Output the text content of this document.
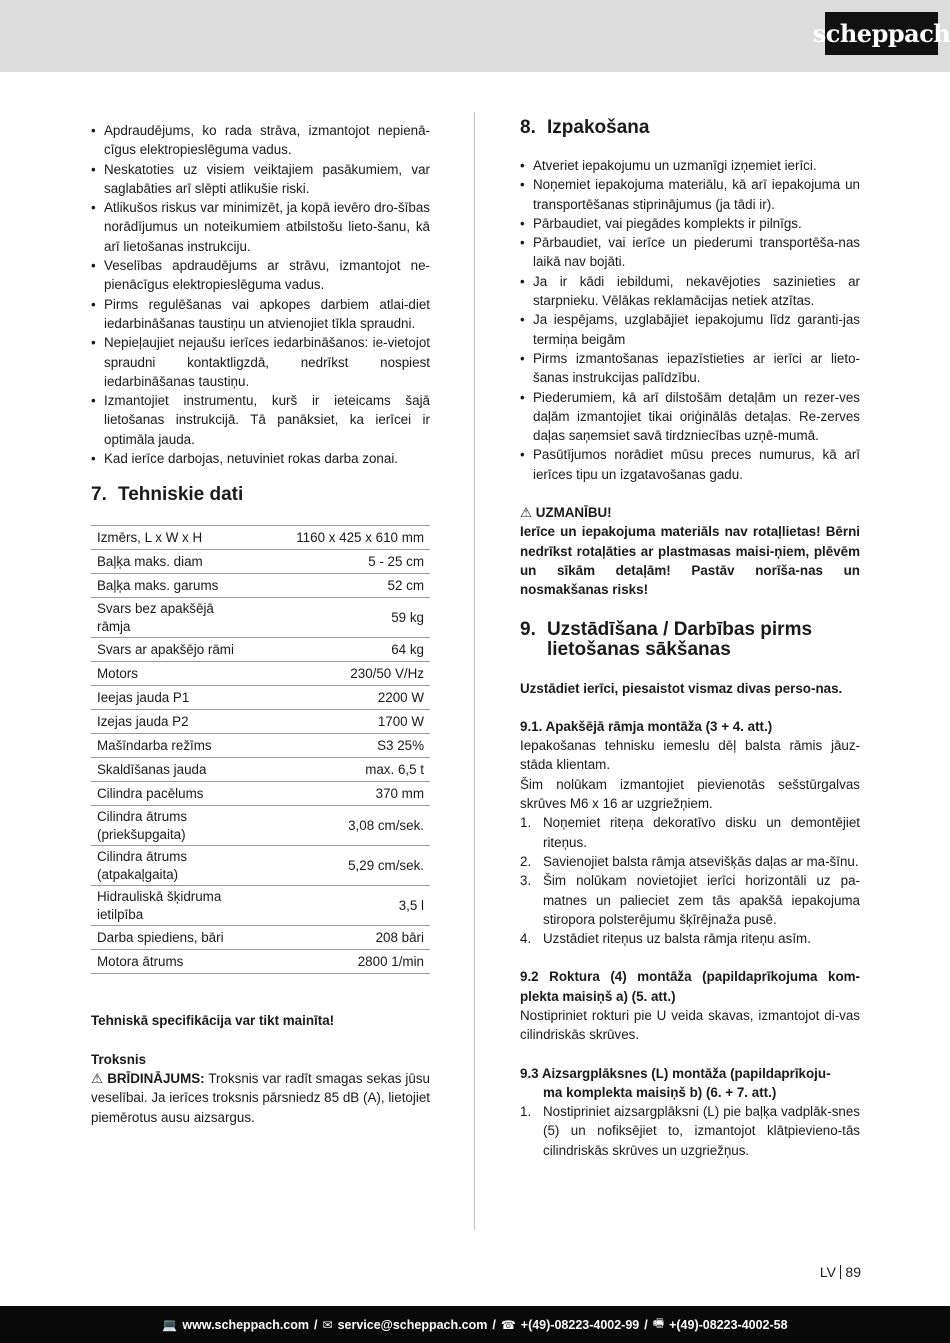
scheppach
• Apdraudējums, ko rada strāva, izmantojot nepienā-cīgus elektropieslēguma vadus.
• Neskatoties uz visiem veiktajiem pasākumiem, var saglabāties arī slēpti atlikušie riski.
• Atlikušos riskus var minimizēt, ja kopā ievēro dro-šības norādījumus un noteikumiem atbilstošu lieto-šanu, kā arī lietošanas instrukciju.
• Veselības apdraudējums ar strāvu, izmantojot ne-pienācīgus elektropieslēguma vadus.
• Pirms regulēšanas vai apkopes darbiem atlai-diet iedarbināšanas taustiņu un atvienojiet tīkla spraudni.
• Nepieļaujiet nejaušu ierīces iedarbināšanos: ie-vietojot spraudni kontaktligzdā, nedrīkst nospiest iedarbināšanas taustiņu.
• Izmantojiet instrumentu, kurš ir ieteicams šajā lietošanas instrukcijā. Tā panāksiet, ka ierīcei ir optimāla jauda.
• Kad ierīce darbojas, netuviniet rokas darba zonai.
7. Tehniskie dati
Izmērs, L x W x H	1160 x 425 x 610 mm
Baļķa maks. diam	5 - 25 cm
Baļķa maks. garums	52 cm
Svars bez apakšējā rāmja	59 kg
Svars ar apakšējo rāmi	64 kg
Motors	230/50 V/Hz
Ieejas jauda P1	2200 W
Izejas jauda P2	1700 W
Mašīndarba režīms	S3 25%
Skaldīšanas jauda	max. 6,5 t
Cilindra pacēlums	370 mm
Cilindra ātrums (priekšupgaita)	3,08 cm/sek.
Cilindra ātrums (atpakaļgaita)	5,29 cm/sek.
Hidrauliskā šķidruma ietilpība	3,5 l
Darba spiediens, bāri	208 bāri
Motora ātrums	2800 1/min
Tehniskā specifikācija var tikt mainīta!
Troksnis
⚠ BRĪDINĀJUMS: Troksnis var radīt smagas sekas jūsu veselībai. Ja ierīces troksnis pārsniedz 85 dB (A), lietojiet piemērotus ausu aizsargus.
8. Izpakošana
• Atveriet iepakojumu un uzmanīgi izņemiet ierīci.
• Noņemiet iepakojuma materiālu, kā arī iepakojuma un transportēšanas stiprinājumus (ja tādi ir).
• Pārbaudiet, vai piegādes komplekts ir pilnīgs.
• Pārbaudiet, vai ierīce un piederumi transportēša-nas laikā nav bojāti.
• Ja ir kādi iebildumi, nekavējoties sazinieties ar starpnieku. Vēlākas reklamācijas netiek atzītas.
• Ja iespējams, uzglabājiet iepakojumu līdz garanti-jas termiņa beigām
• Pirms izmantošanas iepazīstieties ar ierīci ar lieto-šanas instrukcijas palīdzību.
• Piederumiem, kā arī dilstošām detaļām un rezer-ves daļām izmantojiet tikai oriģinālās detaļas. Re-zerves daļas saņemsiet savā tirdzniecības uzņē-mumā.
• Pasūtījumos norādiet mūsu preces numurus, kā arī ierīces tipu un izgatavošanas gadu.
⚠ UZMANĪBU!
Ierīce un iepakojuma materiāls nav rotaļlietas! Bērni nedrīkst rotaļāties ar plastmasas maisi-ņiem, plēvēm un sīkām detaļām! Pastāv norīša-nas un nosmakšanas risks!
9. Uzstādīšana / Darbības pirms
lietošanas sākšanas
Uzstādiet ierīci, piesaistot vismaz divas perso-nas.
9.1. Apakšējā rāmja montāža (3 + 4. att.)
Iepakošanas tehnisku iemeslu dēļ balsta rāmis jāuz-stāda klientam.
Šim nolūkam izmantojiet pievienotās sešstūrgalvas skrūves M6 x 16 ar uzgriežņiem.
1. Noņemiet riteņa dekoratīvo disku un demontējiet riteņus.
2. Savienojiet balsta rāmja atsevišķās daļas ar ma-šīnu.
3. Šim nolūkam novietojiet ierīci horizontāli uz pa-matnes un palieciet zem tās apakšā iepakojuma stiropora polsterējumu šķīrējnaža pusē.
4. Uzstādiet riteņus uz balsta rāmja riteņu asīm.
9.2 Roktura (4) montāža (papildaprīkojuma kom-plekta maisiņš a) (5. att.)
Nostipriniet rokturi pie U veida skavas, izmantojot di-vas cilindriskās skrūves.
9.3 Aizsargplāksnes (L) montāža (papildaprīkoju-
ma komplekta maisiņš b) (6. + 7. att.)
1. Nostipriniet aizsargplāksni (L) pie baļķa vadplāk-snes (5) un nofiksējiet to, izmantojot klātpievieno-tās cilindriskās skrūves un uzgriežņus.
LV 89
💻 www.scheppach.com / ✉ service@scheppach.com / ☎ +(49)-08223-4002-99 / 🖷 +(49)-08223-4002-58
